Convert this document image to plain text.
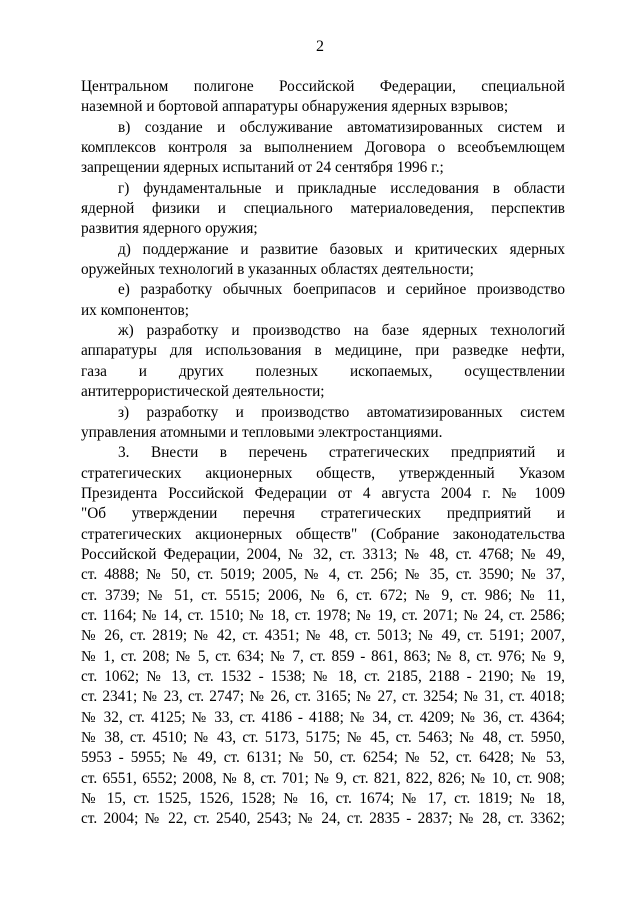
2
Центральном полигоне Российской Федерации, специальной
наземной и бортовой аппаратуры обнаружения ядерных взрывов;
в) создание и обслуживание автоматизированных систем и
комплексов контроля за выполнением Договора о всеобъемлющем
запрещении ядерных испытаний от 24 сентября 1996 г.;
г) фундаментальные и прикладные исследования в области
ядерной физики и специального материаловедения, перспектив
развития ядерного оружия;
д) поддержание и развитие базовых и критических ядерных
оружейных технологий в указанных областях деятельности;
е) разработку обычных боеприпасов и серийное производство
их компонентов;
ж) разработку и производство на базе ядерных технологий
аппаратуры для использования в медицине, при разведке нефти,
газа и других полезных ископаемых, осуществлении
антитеррористической деятельности;
з) разработку и производство автоматизированных систем
управления атомными и тепловыми электростанциями.
3. Внести в перечень стратегических предприятий и
стратегических акционерных обществ, утвержденный Указом
Президента Российской Федерации от 4 августа 2004 г. № 1009
"Об утверждении перечня стратегических предприятий и
стратегических акционерных обществ" (Собрание законодательства
Российской Федерации, 2004, № 32, ст. 3313; № 48, ст. 4768; № 49,
ст. 4888; № 50, ст. 5019; 2005, № 4, ст. 256; № 35, ст. 3590; № 37,
ст. 3739; № 51, ст. 5515; 2006, № 6, ст. 672; № 9, ст. 986; № 11,
ст. 1164; № 14, ст. 1510; № 18, ст. 1978; № 19, ст. 2071; № 24, ст. 2586;
№ 26, ст. 2819; № 42, ст. 4351; № 48, ст. 5013; № 49, ст. 5191; 2007,
№ 1, ст. 208; № 5, ст. 634; № 7, ст. 859 - 861, 863; № 8, ст. 976; № 9,
ст. 1062; № 13, ст. 1532 - 1538; № 18, ст. 2185, 2188 - 2190; № 19,
ст. 2341; № 23, ст. 2747; № 26, ст. 3165; № 27, ст. 3254; № 31, ст. 4018;
№ 32, ст. 4125; № 33, ст. 4186 - 4188; № 34, ст. 4209; № 36, ст. 4364;
№ 38, ст. 4510; № 43, ст. 5173, 5175; № 45, ст. 5463; № 48, ст. 5950,
5953 - 5955; № 49, ст. 6131; № 50, ст. 6254; № 52, ст. 6428; № 53,
ст. 6551, 6552; 2008, № 8, ст. 701; № 9, ст. 821, 822, 826; № 10, ст. 908;
№ 15, ст. 1525, 1526, 1528; № 16, ст. 1674; № 17, ст. 1819; № 18,
ст. 2004; № 22, ст. 2540, 2543; № 24, ст. 2835 - 2837; № 28, ст. 3362;
